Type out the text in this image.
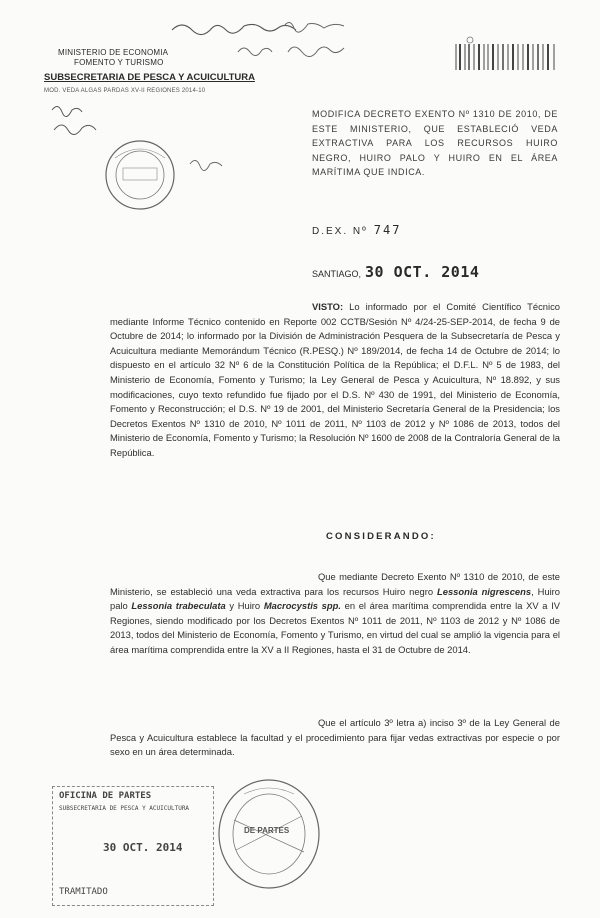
MINISTERIO DE ECONOMIA
FOMENTO Y TURISMO
SUBSECRETARIA DE PESCA Y ACUICULTURA
MOD. VEDA ALGAS PARDAS XV-II REGIONES 2014-10
MODIFICA DECRETO EXENTO Nº 1310 DE 2010, DE ESTE MINISTERIO, QUE ESTABLECIÓ VEDA EXTRACTIVA PARA LOS RECURSOS HUIRO NEGRO, HUIRO PALO Y HUIRO EN EL ÁREA MARÍTIMA QUE INDICA.
D.EX. Nº 747
SANTIAGO, 30 OCT. 2014
VISTO: Lo informado por el Comité Científico Técnico mediante Informe Técnico contenido en Reporte 002 CCTB/Sesión Nº 4/24-25-SEP-2014, de fecha 9 de Octubre de 2014; lo informado por la División de Administración Pesquera de la Subsecretaría de Pesca y Acuicultura mediante Memorándum Técnico (R.PESQ.) Nº 189/2014, de fecha 14 de Octubre de 2014; lo dispuesto en el artículo 32 Nº 6 de la Constitución Política de la República; el D.F.L. Nº 5 de 1983, del Ministerio de Economía, Fomento y Turismo; la Ley General de Pesca y Acuicultura, Nº 18.892, y sus modificaciones, cuyo texto refundido fue fijado por el D.S. Nº 430 de 1991, del Ministerio de Economía, Fomento y Reconstrucción; el D.S. Nº 19 de 2001, del Ministerio Secretaría General de la Presidencia; los Decretos Exentos Nº 1310 de 2010, Nº 1011 de 2011, Nº 1103 de 2012 y Nº 1086 de 2013, todos del Ministerio de Economía, Fomento y Turismo; la Resolución Nº 1600 de 2008 de la Contraloría General de la República.
CONSIDERANDO:
Que mediante Decreto Exento Nº 1310 de 2010, de este Ministerio, se estableció una veda extractiva para los recursos Huiro negro Lessonia nigrescens, Huiro palo Lessonia trabeculata y Huiro Macrocystis spp. en el área marítima comprendida entre la XV a IV Regiones, siendo modificado por los Decretos Exentos Nº 1011 de 2011, Nº 1103 de 2012 y Nº 1086 de 2013, todos del Ministerio de Economía, Fomento y Turismo, en virtud del cual se amplió la vigencia para el área marítima comprendida entre la XV a II Regiones, hasta el 31 de Octubre de 2014.
Que el artículo 3º letra a) inciso 3º de la Ley General de Pesca y Acuicultura establece la facultad y el procedimiento para fijar vedas extractivas por especie o por sexo en un área determinada.
OFICINA DE PARTES
SUBSECRETARIA DE PESCA Y ACUICULTURA
30 OCT. 2014
TRAMITADO
DE PARTES
